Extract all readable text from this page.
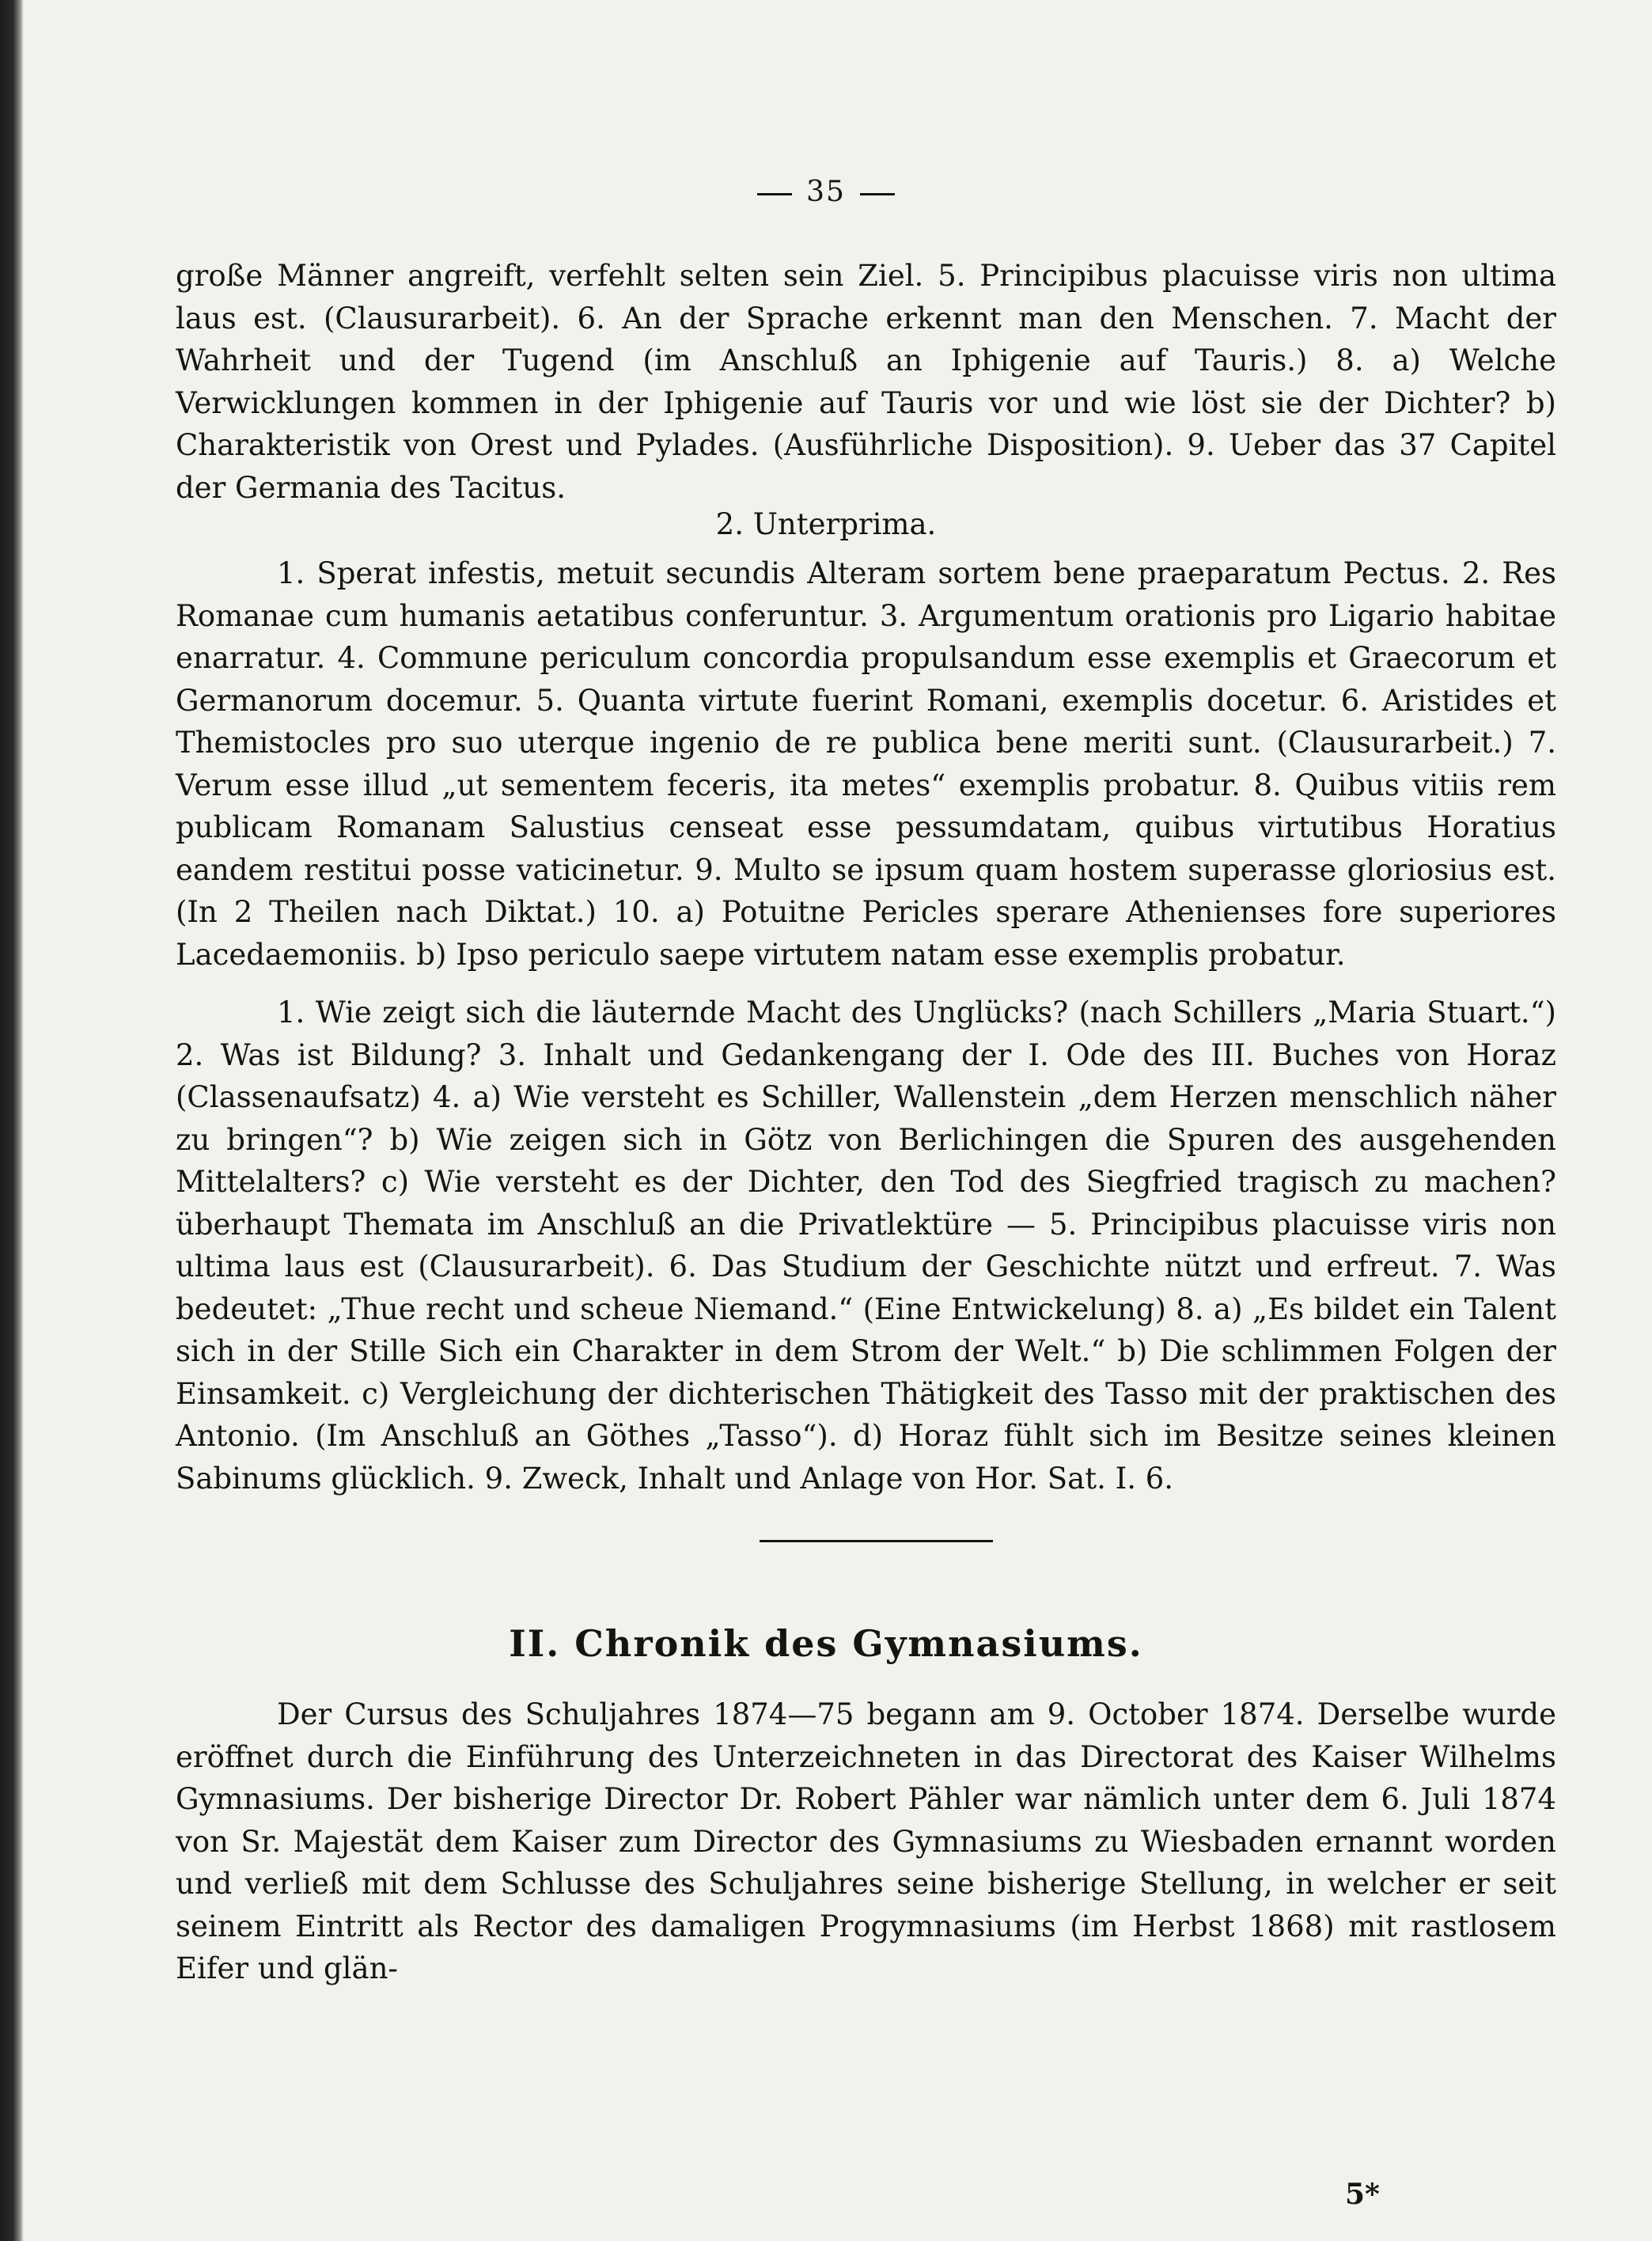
35

große Männer angreift, verfehlt selten sein Ziel. 5. Principibus placuisse viris non ultima laus est. (Clausurarbeit). 6. An der Sprache erkennt man den Menschen. 7. Macht der Wahrheit und der Tugend (im Anschluß an Iphigenie auf Tauris.) 8. a) Welche Verwicklungen kommen in der Iphigenie auf Tauris vor und wie löst sie der Dichter? b) Charakteristik von Orest und Pylades. (Ausführliche Disposition). 9. Ueber das 37 Capitel der Germania des Tacitus.

2. Unterprima.

1. Sperat infestis, metuit secundis Alteram sortem bene praeparatum Pectus. 2. Res Romanae cum humanis aetatibus conferuntur. 3. Argumentum orationis pro Ligario habitae enarratur. 4. Commune periculum concordia propulsandum esse exemplis et Graecorum et Germanorum docemur. 5. Quanta virtute fuerint Romani, exemplis docetur. 6. Aristides et Themistocles pro suo uterque ingenio de re publica bene meriti sunt. (Clausurarbeit.) 7. Verum esse illud „ut sementem feceris, ita metes“ exemplis probatur. 8. Quibus vitiis rem publicam Romanam Salustius censeat esse pessumdatam, quibus virtutibus Horatius eandem restitui posse vaticinetur. 9. Multo se ipsum quam hostem superasse gloriosius est. (In 2 Theilen nach Diktat.) 10. a) Potuitne Pericles sperare Athenienses fore superiores Lacedaemoniis. b) Ipso periculo saepe virtutem natam esse exemplis probatur.

1. Wie zeigt sich die läuternde Macht des Unglücks? (nach Schillers „Maria Stuart.“) 2. Was ist Bildung? 3. Inhalt und Gedankengang der I. Ode des III. Buches von Horaz (Classenaufsatz) 4. a) Wie versteht es Schiller, Wallenstein „dem Herzen menschlich näher zu bringen“? b) Wie zeigen sich in Götz von Berlichingen die Spuren des ausgehenden Mittelalters? c) Wie versteht es der Dichter, den Tod des Siegfried tragisch zu machen? überhaupt Themata im Anschluß an die Privatlektüre — 5. Principibus placuisse viris non ultima laus est (Clausurarbeit). 6. Das Studium der Geschichte nützt und erfreut. 7. Was bedeutet: „Thue recht und scheue Niemand.“ (Eine Entwickelung) 8. a) „Es bildet ein Talent sich in der Stille Sich ein Charakter in dem Strom der Welt.“ b) Die schlimmen Folgen der Einsamkeit. c) Vergleichung der dichterischen Thätigkeit des Tasso mit der praktischen des Antonio. (Im Anschluß an Göthes „Tasso“). d) Horaz fühlt sich im Besitze seines kleinen Sabinums glücklich. 9. Zweck, Inhalt und Anlage von Hor. Sat. I. 6.

II. Chronik des Gymnasiums.

Der Cursus des Schuljahres 1874—75 begann am 9. October 1874. Derselbe wurde eröffnet durch die Einführung des Unterzeichneten in das Directorat des Kaiser Wilhelms Gymnasiums. Der bisherige Director Dr. Robert Pähler war nämlich unter dem 6. Juli 1874 von Sr. Majestät dem Kaiser zum Director des Gymnasiums zu Wiesbaden ernannt worden und verließ mit dem Schlusse des Schuljahres seine bisherige Stellung, in welcher er seit seinem Eintritt als Rector des damaligen Progymnasiums (im Herbst 1868) mit rastlosem Eifer und glän-

5*
